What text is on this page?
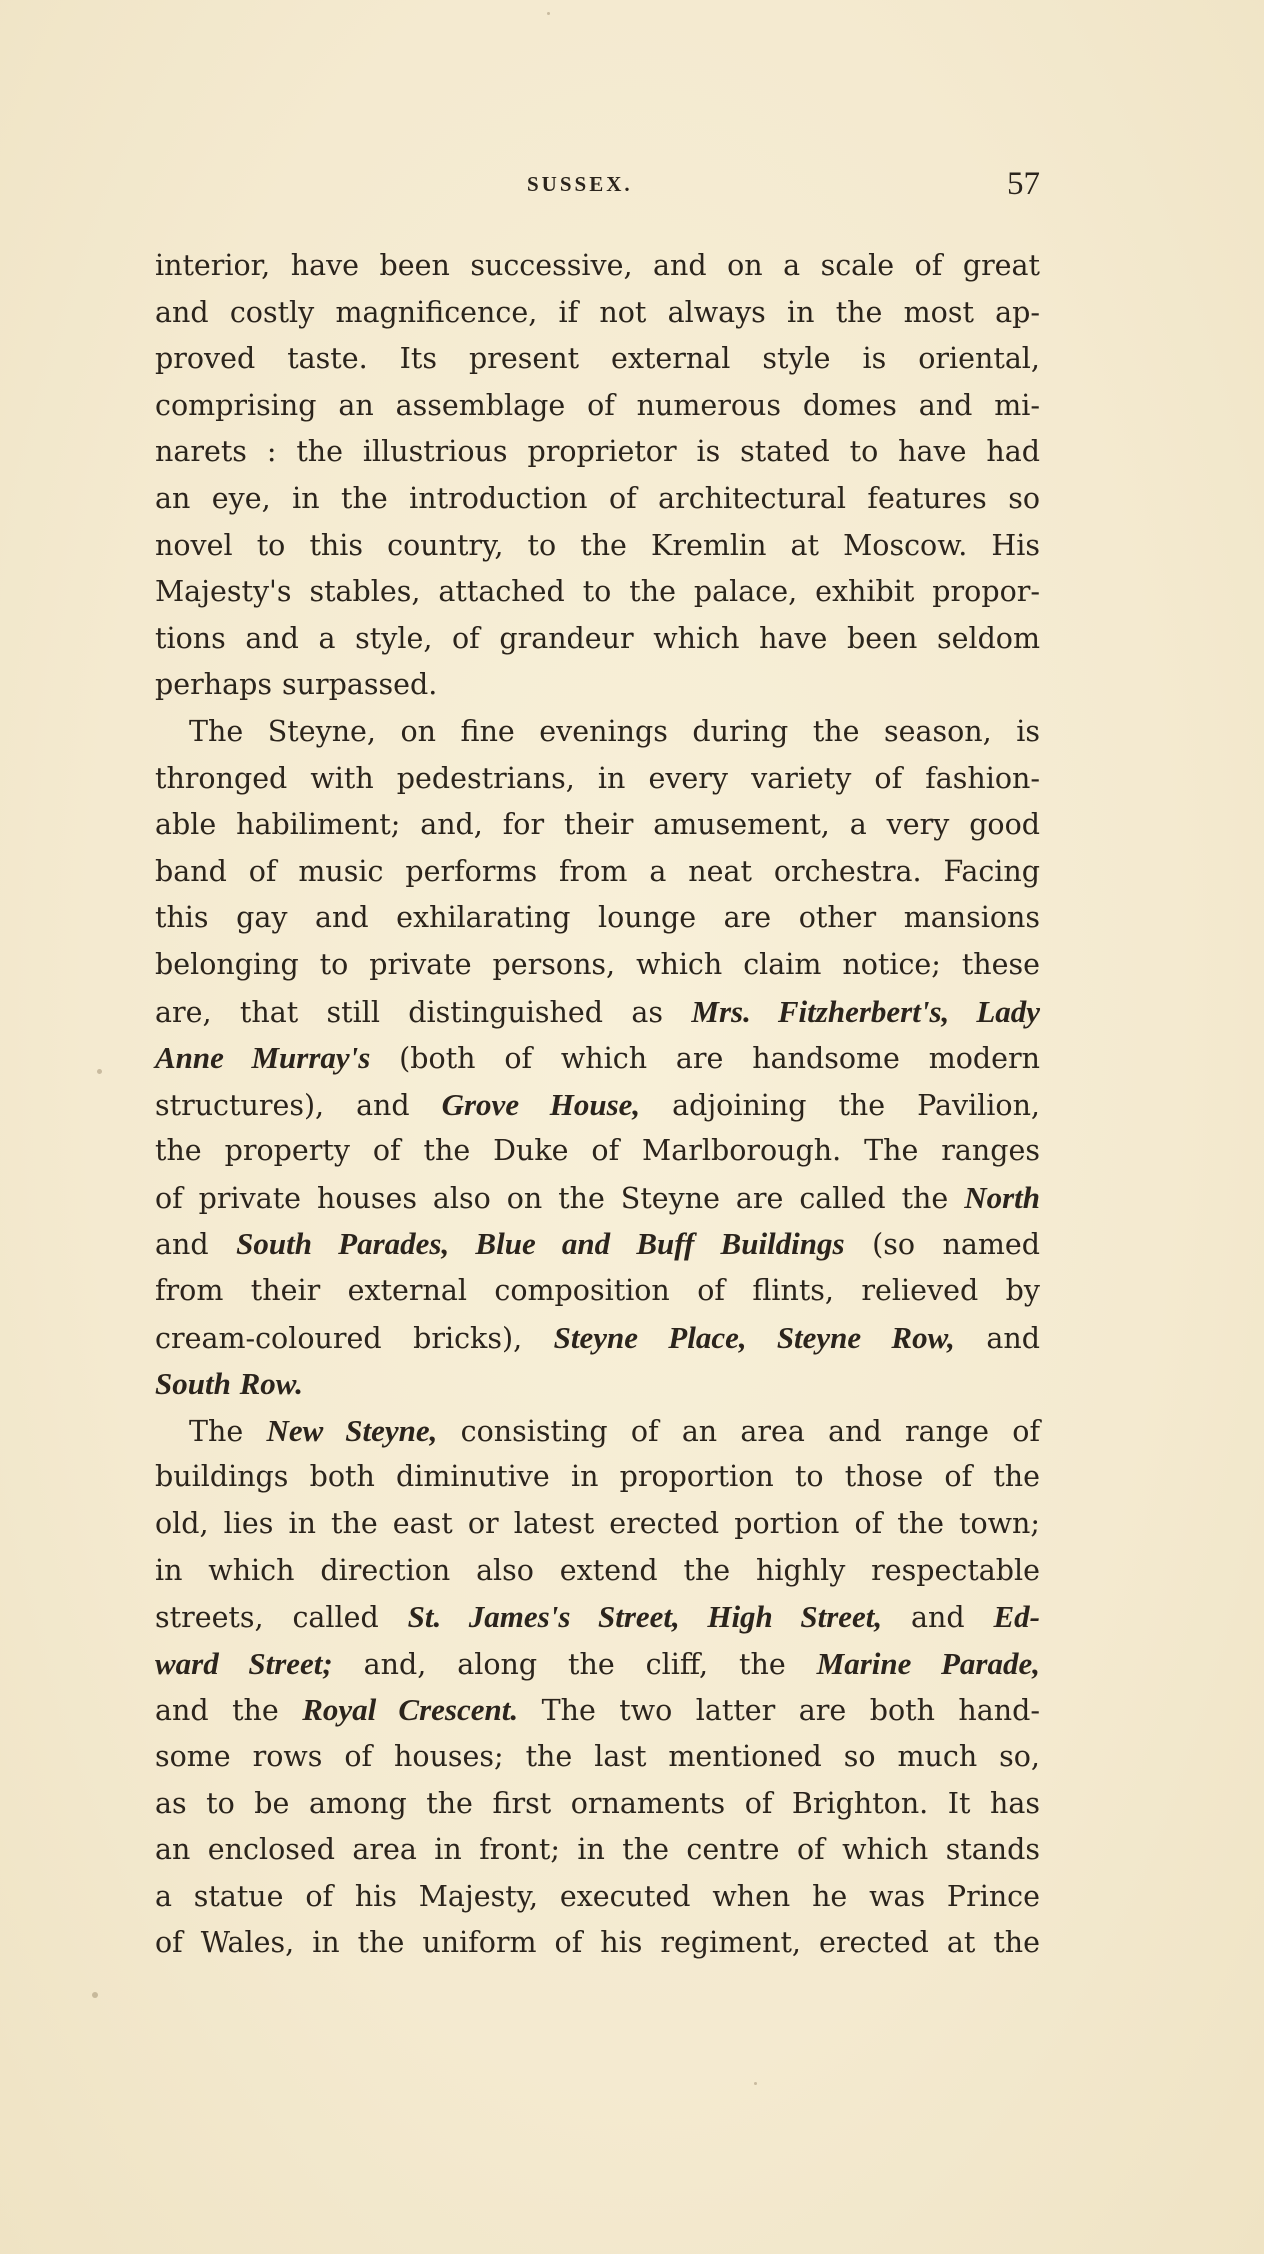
SUSSEX.	57
interior, have been successive, and on a scale of great
and costly magnificence, if not always in the most ap-
proved taste. Its present external style is oriental,
comprising an assemblage of numerous domes and mi-
narets : the illustrious proprietor is stated to have had
an eye, in the introduction of architectural features so
novel to this country, to the Kremlin at Moscow. His
Majesty's stables, attached to the palace, exhibit propor-
tions and a style, of grandeur which have been seldom
perhaps surpassed.
The Steyne, on fine evenings during the season, is
thronged with pedestrians, in every variety of fashion-
able habiliment; and, for their amusement, a very good
band of music performs from a neat orchestra. Facing
this gay and exhilarating lounge are other mansions
belonging to private persons, which claim notice; these
are, that still distinguished as Mrs. Fitzherbert's, Lady
Anne Murray's (both of which are handsome modern
structures), and Grove House, adjoining the Pavilion,
the property of the Duke of Marlborough. The ranges
of private houses also on the Steyne are called the North
and South Parades, Blue and Buff Buildings (so named
from their external composition of flints, relieved by
cream-coloured bricks), Steyne Place, Steyne Row, and
South Row.
The New Steyne, consisting of an area and range of
buildings both diminutive in proportion to those of the
old, lies in the east or latest erected portion of the town;
in which direction also extend the highly respectable
streets, called St. James's Street, High Street, and Ed-
ward Street; and, along the cliff, the Marine Parade,
and the Royal Crescent. The two latter are both hand-
some rows of houses; the last mentioned so much so,
as to be among the first ornaments of Brighton. It has
an enclosed area in front; in the centre of which stands
a statue of his Majesty, executed when he was Prince
of Wales, in the uniform of his regiment, erected at the
